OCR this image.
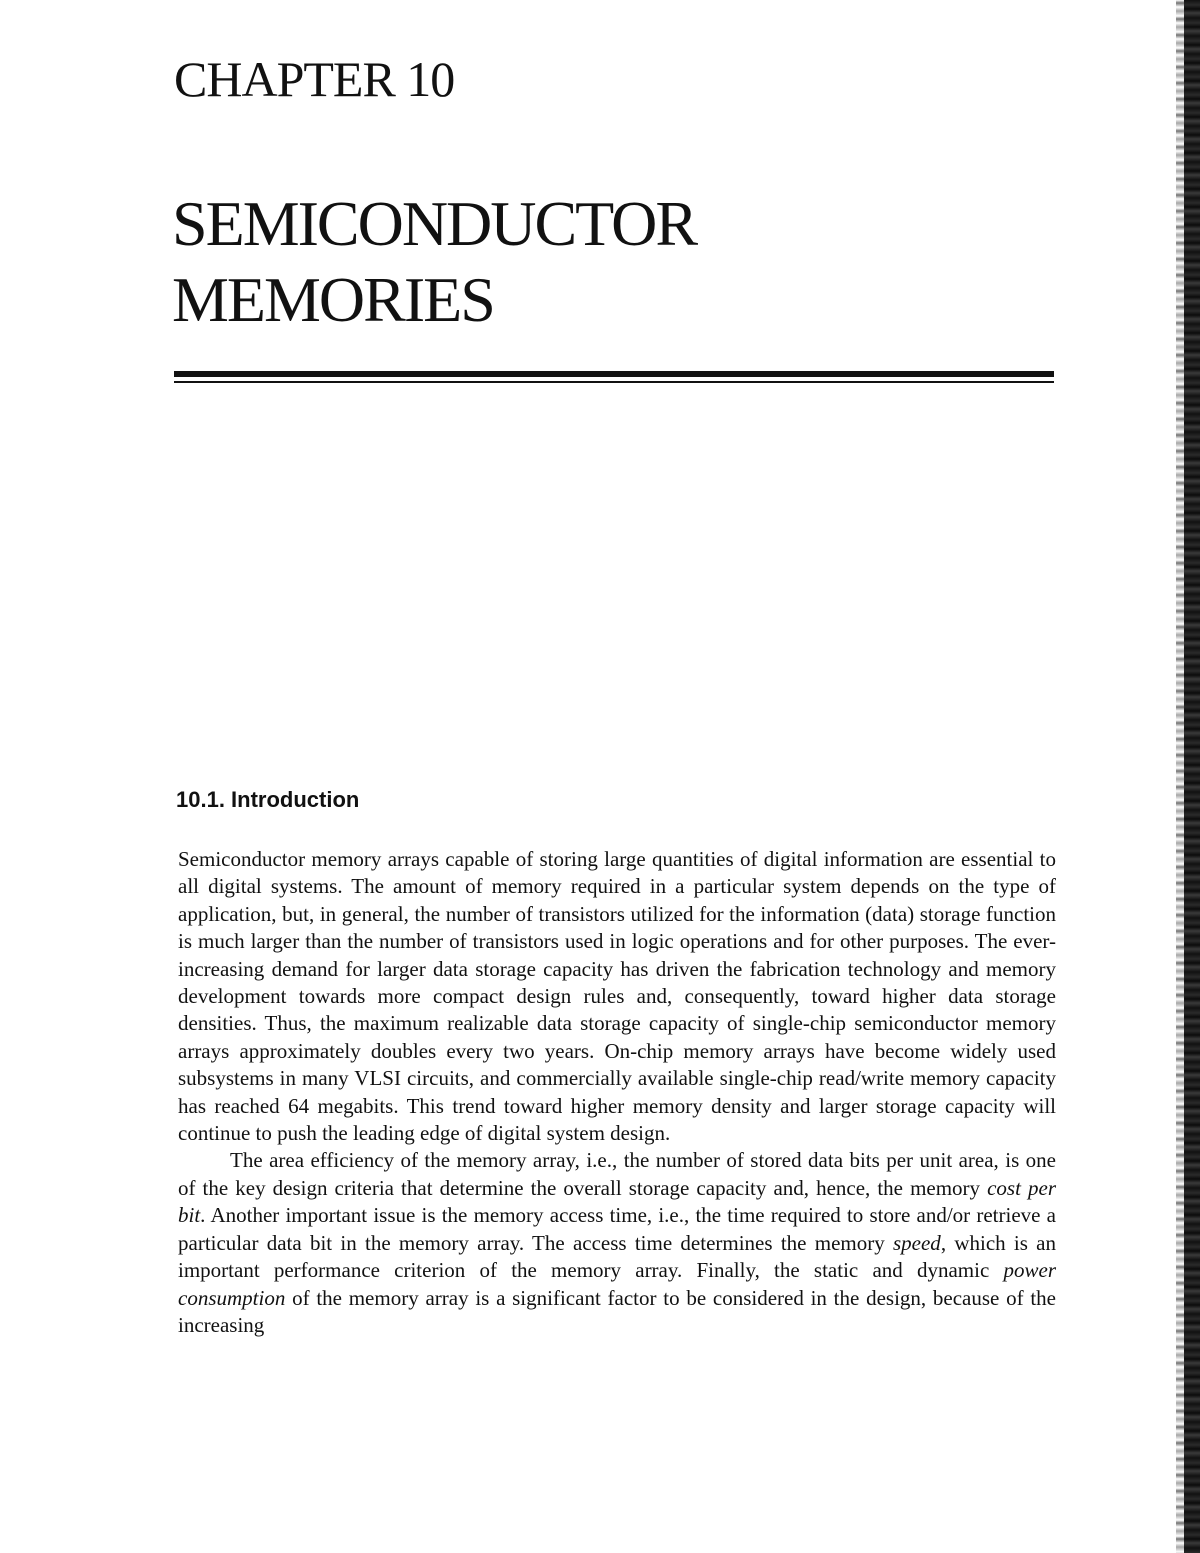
CHAPTER 10
SEMICONDUCTOR
MEMORIES
10.1. Introduction

Semiconductor memory arrays capable of storing large quantities of digital information are essential to all digital systems. The amount of memory required in a particular system depends on the type of application, but, in general, the number of transistors utilized for the information (data) storage function is much larger than the number of transistors used in logic operations and for other purposes. The ever-increasing demand for larger data storage capacity has driven the fabrication technology and memory development towards more compact design rules and, consequently, toward higher data storage densities. Thus, the maximum realizable data storage capacity of single-chip semiconductor memory arrays approximately doubles every two years. On-chip memory arrays have become widely used subsystems in many VLSI circuits, and commercially available single-chip read/write memory capacity has reached 64 megabits. This trend toward higher memory density and larger storage capacity will continue to push the leading edge of digital system design.

The area efficiency of the memory array, i.e., the number of stored data bits per unit area, is one of the key design criteria that determine the overall storage capacity and, hence, the memory cost per bit. Another important issue is the memory access time, i.e., the time required to store and/or retrieve a particular data bit in the memory array. The access time determines the memory speed, which is an important performance criterion of the memory array. Finally, the static and dynamic power consumption of the memory array is a significant factor to be considered in the design, because of the increasing
